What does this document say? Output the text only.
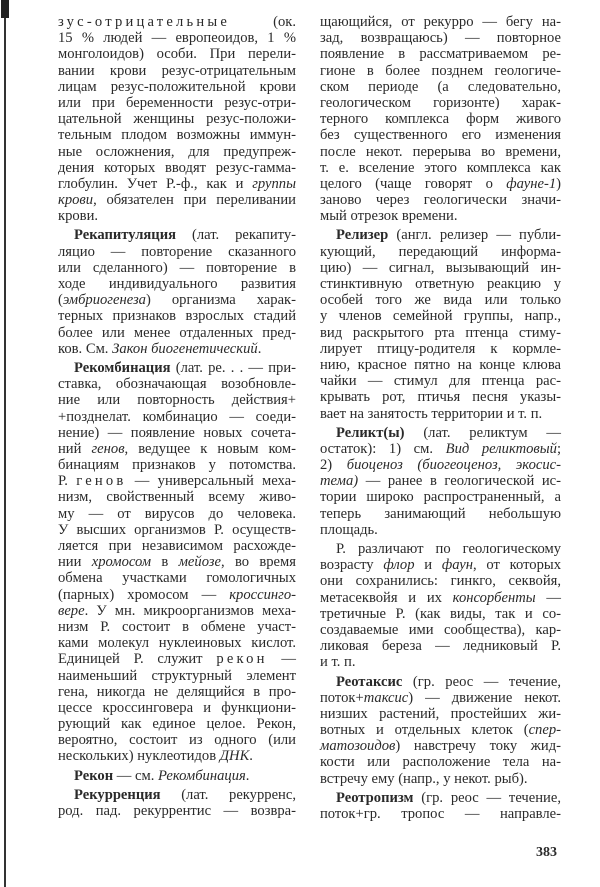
зус-отрицательные (ок.
15 % людей — европеоидов, 1 %
монголоидов) особи. При перели-
вании крови резус-отрицательным
лицам резус-положительной крови
или при беременности резус-отри-
цательной женщины резус-положи-
тельным плодом возможны иммун-
ные осложнения, для предупреж-
дения которых вводят резус-гамма-
глобулин. Учет Р.-ф., как и группы
крови, обязателен при переливании
крови.
Рекапитуляция (лат. рекапиту-
ляцио — повторение сказанного
или сделанного) — повторение в
ходе индивидуального развития
(эмбриогенеза) организма харак-
терных признаков взрослых стадий
более или менее отдаленных пред-
ков. См. Закон биогенетический.
Рекомбинация (лат. ре. . . — при-
ставка, обозначающая возобновле-
ние или повторность действия+
+позднелат. комбинацио — соеди-
нение) — появление новых сочета-
ний генов, ведущее к новым ком-
бинациям признаков у потомства.
Р. генов — универсальный меха-
низм, свойственный всему живо-
му — от вирусов до человека.
У высших организмов Р. осуществ-
ляется при независимом расхожде-
нии хромосом в мейозе, во время
обмена участками гомологичных
(парных) хромосом — кроссинго-
вере. У мн. микроорганизмов меха-
низм Р. состоит в обмене участ-
ками молекул нуклеиновых кислот.
Единицей Р. служит рекон —
наименьший структурный элемент
гена, никогда не делящийся в про-
цессе кроссинговера и функциони-
рующий как единое целое. Рекон,
вероятно, состоит из одного (или
нескольких) нуклеотидов ДНК.
Рекон — см. Рекомбинация.
Рекурренция (лат. рекурренс,
род. пад. рекуррентис — возвра-
щающийся, от рекурро — бегу на-
зад, возвращаюсь) — повторное
появление в рассматриваемом ре-
гионе в более позднем геологиче-
ском периоде (а следовательно,
геологическом горизонте) харак-
терного комплекса форм живого
без существенного его изменения
после некот. перерыва во времени,
т. е. вселение этого комплекса как
целого (чаще говорят о фауне-1)
заново через геологически значи-
мый отрезок времени.
Релизер (англ. релизер — публи-
кующий, передающий информа-
цию) — сигнал, вызывающий ин-
стинктивную ответную реакцию у
особей того же вида или только
у членов семейной группы, напр.,
вид раскрытого рта птенца стиму-
лирует птицу-родителя к кормле-
нию, красное пятно на конце клюва
чайки — стимул для птенца рас-
крывать рот, птичья песня указы-
вает на занятость территории и т. п.
Реликт(ы) (лат. реликтум —
остаток): 1) см. Вид реликтовый;
2) биоценоз (биогеоценоз, экосис-
тема) — ранее в геологической ис-
тории широко распространенный, а
теперь занимающий небольшую
площадь.
Р. различают по геологическому
возрасту флор и фаун, от которых
они сохранились: гинкго, секвойя,
метасеквойя и их консорбенты —
третичные Р. (как виды, так и со-
создаваемые ими сообщества), кар-
ликовая береза — ледниковый Р.
и т. п.
Реотаксис (гр. реос — течение,
поток+таксис) — движение некот.
низших растений, простейших жи-
вотных и отдельных клеток (спер-
матозоидов) навстречу току жид-
кости или расположение тела на-
встречу ему (напр., у некот. рыб).
Реотропизм (гр. реос — течение,
поток+гр. тропос — направле-
383
